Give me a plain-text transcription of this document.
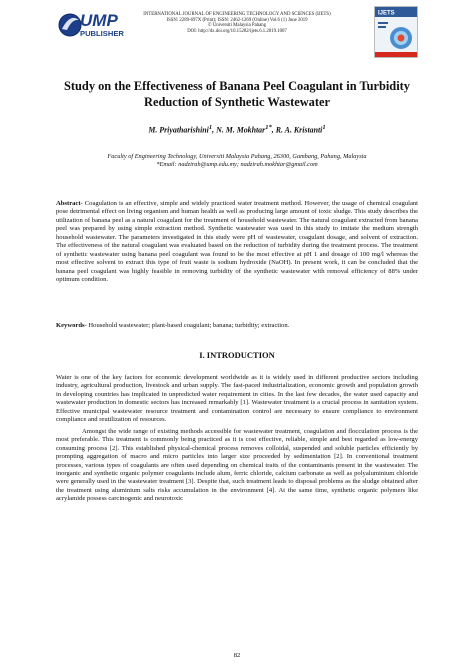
UMP
PUBLISHER
INTERNATIONAL JOURNAL OF ENGINEERING TECHNOLOGY AND SCIENCES (IJETS)
ISSN: 2289-697X (Print); ISSN: 2462-1269 (Online) Vol.6 (1) June 2019
© Universiti Malaysia Pahang
DOI: http://dx.doi.org/10.15282/ijets.6.1.2019.1007
IJETS
Study on the Effectiveness of Banana Peel Coagulant in Turbidity
Reduction of Synthetic Wastewater
M. Priyatharishini$^1$, N. M. Mokhtar$^{1*}$, R. A. Kristanti$^1$
Faculty of Engineering Technology, Universiti Malaysia Pahang, 26300, Gambang, Pahang, Malaysia
*Email: nadzirah@ump.edu.my; nadzirah.mokhtar@gmail.com

Abstract- Coagulation is an effective, simple and widely practiced water treatment method. However, the usage of chemical coagulant pose detrimental effect on living organism and human health as well as producing large amount of toxic sludge. This study describes the utilization of banana peel as a natural coagulant for the treatment of household wastewater. The natural coagulant extracted from banana peel was prepared by using simple extraction method. Synthetic wastewater was used in this study to imitate the medium strength household wastewater. The parameters investigated in this study were pH of wastewater, coagulant dosage, and solvent of extraction. The effectiveness of the natural coagulant was evaluated based on the reduction of turbidity during the treatment process. The treatment of synthetic wastewater using banana peel coagulant was found to be the most effective at pH 1 and dosage of 100 mg/l whereas the most effective solvent to extract this type of fruit waste is sodium hydroxide (NaOH). In present work, it can be concluded that the banana peel coagulant was highly feasible in removing turbidity of the synthetic wastewater with removal efficiency of 88% under optimum condition.

Keywords- Household wastewater; plant-based coagulant; banana; turbidity; extraction.

I. INTRODUCTION

Water is one of the key factors for economic development worldwide as it is widely used in different productive sectors including industry, agricultural production, livestock and urban supply. The fast-paced industrialization, economic growth and population growth in developing countries has implicated in unpredicted water requirement in cities. In the last few decades, the water used capacity and wastewater production in domestic sectors has increased remarkably [1]. Wastewater treatment is a crucial process in sanitation system. Effective municipal wastewater resource treatment and contamination control are necessary to ensure compliance to environment compliance and reutilization of resources.

Amongst the wide range of existing methods accessible for wastewater treatment, coagulation and flocculation process is the most preferable. This treatment is commonly being practiced as it is cost effective, reliable, simple and best regarded as low-energy consuming process [2]. This established physical-chemical process removes colloidal, suspended and soluble particles efficiently by prompting aggregation of macro and micro particles into larger size proceeded by sedimentation [2]. In conventional treatment processes, various types of coagulants are often used depending on chemical traits of the contaminants present in the wastewater. The inorganic and synthetic organic polymer coagulants include alum, ferric chloride, calcium carbonate as well as polyaluminium chloride were generally used in the wastewater treatment [3]. Despite that, such treatment leads to disposal problems as the sludge obtained after the treatment using aluminium salts risks accumulation in the environment [4]. At the same time, synthetic organic polymers like acrylamide possess carcinogenic and neurotoxic

82
